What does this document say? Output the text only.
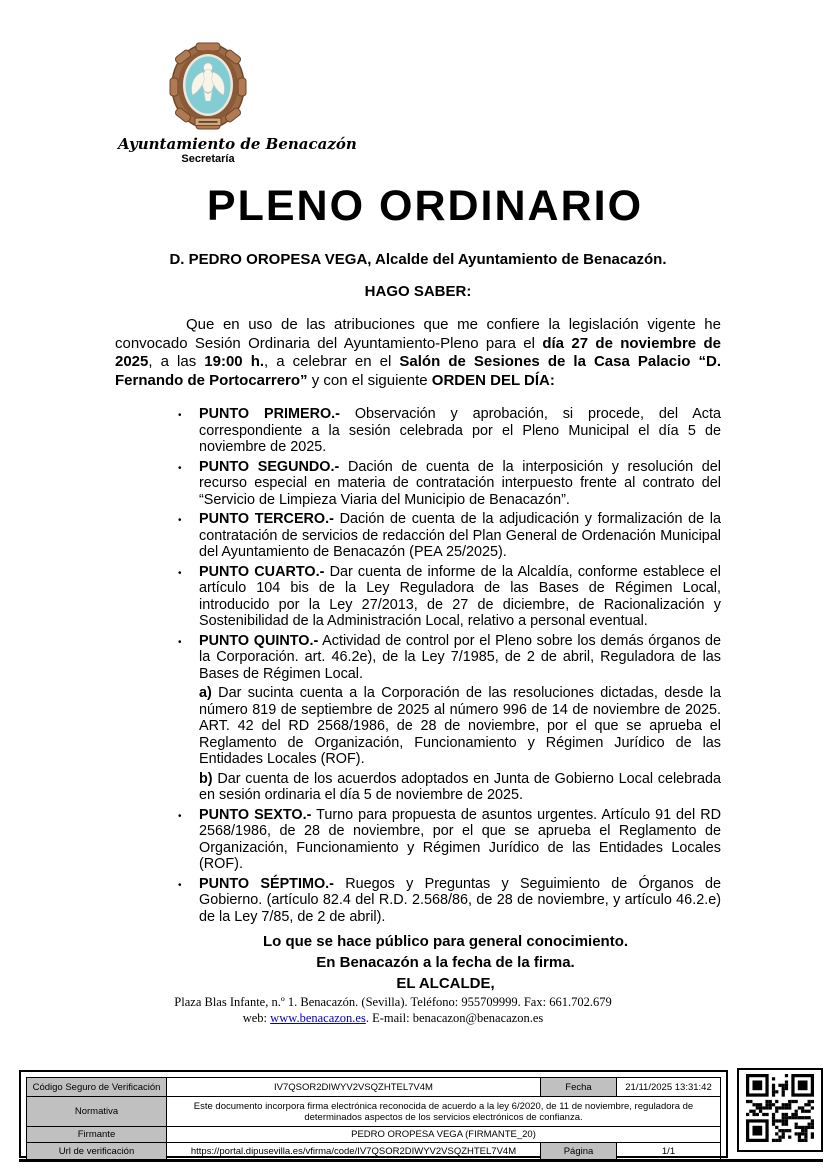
Ayuntamiento de Benacazón
Secretaría
PLENO ORDINARIO
D. PEDRO OROPESA VEGA, Alcalde del Ayuntamiento de Benacazón.
HAGO SABER:

Que en uso de las atribuciones que me confiere la legislación vigente he convocado Sesión Ordinaria del Ayuntamiento-Pleno para el día 27 de noviembre de 2025, a las 19:00 h., a celebrar en el Salón de Sesiones de la Casa Palacio “D. Fernando de Portocarrero” y con el siguiente ORDEN DEL DÍA:

• PUNTO PRIMERO.- Observación y aprobación, si procede, del Acta correspondiente a la sesión celebrada por el Pleno Municipal el día 5 de noviembre de 2025.
• PUNTO SEGUNDO.- Dación de cuenta de la interposición y resolución del recurso especial en materia de contratación interpuesto frente al contrato del “Servicio de Limpieza Viaria del Municipio de Benacazón”.
• PUNTO TERCERO.- Dación de cuenta de la adjudicación y formalización de la contratación de servicios de redacción del Plan General de Ordenación Municipal del Ayuntamiento de Benacazón (PEA 25/2025).
• PUNTO CUARTO.- Dar cuenta de informe de la Alcaldía, conforme establece el artículo 104 bis de la Ley Reguladora de las Bases de Régimen Local, introducido por la Ley 27/2013, de 27 de diciembre, de Racionalización y Sostenibilidad de la Administración Local, relativo a personal eventual.
• PUNTO QUINTO.- Actividad de control por el Pleno sobre los demás órganos de la Corporación. art. 46.2e), de la Ley 7/1985, de 2 de abril, Reguladora de las Bases de Régimen Local.
a) Dar sucinta cuenta a la Corporación de las resoluciones dictadas, desde la número 819 de septiembre de 2025 al número 996 de 14 de noviembre de 2025. ART. 42 del RD 2568/1986, de 28 de noviembre, por el que se aprueba el Reglamento de Organización, Funcionamiento y Régimen Jurídico de las Entidades Locales (ROF).
b) Dar cuenta de los acuerdos adoptados en Junta de Gobierno Local celebrada en sesión ordinaria el día 5 de noviembre de 2025.
• PUNTO SEXTO.- Turno para propuesta de asuntos urgentes. Artículo 91 del RD 2568/1986, de 28 de noviembre, por el que se aprueba el Reglamento de Organización, Funcionamiento y Régimen Jurídico de las Entidades Locales (ROF).
• PUNTO SÉPTIMO.- Ruegos y Preguntas y Seguimiento de Órganos de Gobierno. (artículo 82.4 del R.D. 2.568/86, de 28 de noviembre, y artículo 46.2.e) de la Ley 7/85, de 2 de abril).
Lo que se hace público para general conocimiento.
En Benacazón a la fecha de la firma.
EL ALCALDE,
Plaza Blas Infante, n.º 1. Benacazón. (Sevilla). Teléfono: 955709999. Fax: 661.702.679
web: www.benacazon.es. E-mail: benacazon@benacazon.es
Código Seguro de Verificación	IV7QSOR2DIWYV2VSQZHTEL7V4M	Fecha	21/11/2025 13:31:42
Normativa	Este documento incorpora firma electrónica reconocida de acuerdo a la ley 6/2020, de 11 de noviembre, reguladora de determinados aspectos de los servicios electrónicos de confianza.		
Firmante	PEDRO OROPESA VEGA (FIRMANTE_20)		
Url de verificación	https://portal.dipusevilla.es/vfirma/code/IV7QSOR2DIWYV2VSQZHTEL7V4M	Página	1/1
